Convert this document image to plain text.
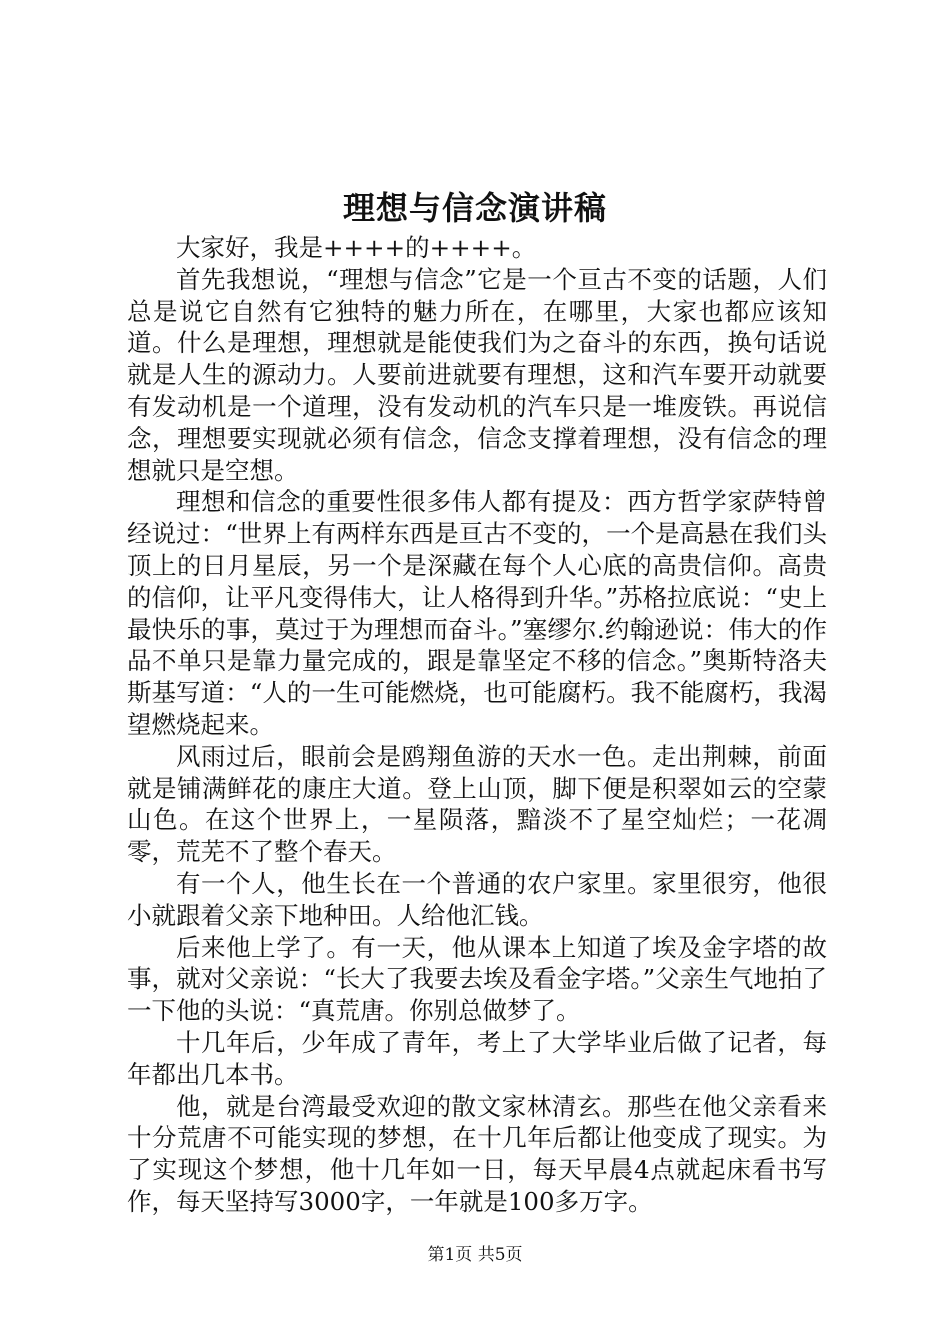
理想与信念演讲稿

大家好，我是++++的++++。

首先我想说，“理想与信念”它是一个亘古不变的话题，人们总是说它自然有它独特的魅力所在，在哪里，大家也都应该知道。什么是理想，理想就是能使我们为之奋斗的东西，换句话说就是人生的源动力。人要前进就要有理想，这和汽车要开动就要有发动机是一个道理，没有发动机的汽车只是一堆废铁。再说信念，理想要实现就必须有信念，信念支撑着理想，没有信念的理想就只是空想。

理想和信念的重要性很多伟人都有提及：西方哲学家萨特曾经说过：“世界上有两样东西是亘古不变的，一个是高悬在我们头顶上的日月星辰，另一个是深藏在每个人心底的高贵信仰。高贵的信仰，让平凡变得伟大，让人格得到升华。”苏格拉底说：“史上最快乐的事，莫过于为理想而奋斗。”塞缪尔.约翰逊说：伟大的作品不单只是靠力量完成的，跟是靠坚定不移的信念。”奥斯特洛夫斯基写道：“人的一生可能燃烧，也可能腐朽。我不能腐朽，我渴望燃烧起来。

风雨过后，眼前会是鸥翔鱼游的天水一色。走出荆棘，前面就是铺满鲜花的康庄大道。登上山顶，脚下便是积翠如云的空蒙山色。在这个世界上，一星陨落，黯淡不了星空灿烂；一花凋零，荒芜不了整个春天。

有一个人，他生长在一个普通的农户家里。家里很穷，他很小就跟着父亲下地种田。人给他汇钱。

后来他上学了。有一天，他从课本上知道了埃及金字塔的故事，就对父亲说：“长大了我要去埃及看金字塔。”父亲生气地拍了一下他的头说：“真荒唐。你别总做梦了。

十几年后，少年成了青年，考上了大学毕业后做了记者，每年都出几本书。

他，就是台湾最受欢迎的散文家林清玄。那些在他父亲看来十分荒唐不可能实现的梦想，在十几年后都让他变成了现实。为了实现这个梦想，他十几年如一日，每天早晨4点就起床看书写作，每天坚持写3000字，一年就是100多万字。

第1页 共5页
